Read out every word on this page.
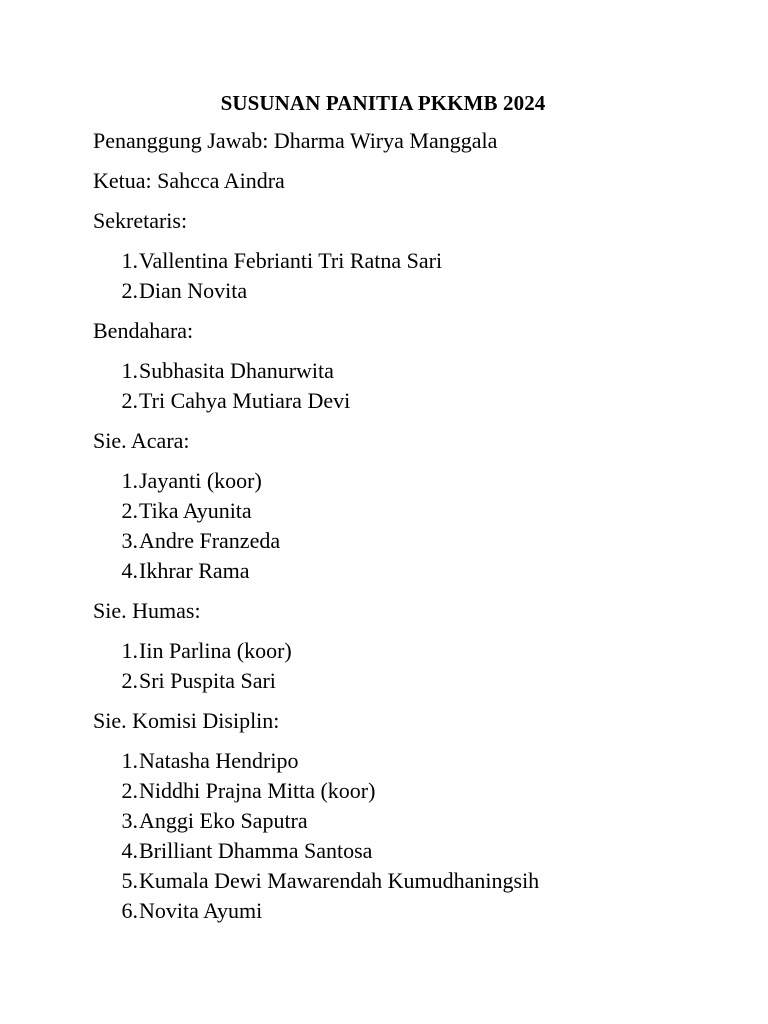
SUSUNAN PANITIA PKKMB 2024

Penanggung Jawab: Dharma Wirya Manggala

Ketua: Sahcca Aindra

Sekretaris:

1. Vallentina Febrianti Tri Ratna Sari
2. Dian Novita

Bendahara:

1. Subhasita Dhanurwita
2. Tri Cahya Mutiara Devi

Sie. Acara:

1. Jayanti (koor)
2. Tika Ayunita
3. Andre Franzeda
4. Ikhrar Rama

Sie. Humas:

1. Iin Parlina (koor)
2. Sri Puspita Sari

Sie. Komisi Disiplin:

1. Natasha Hendripo
2. Niddhi Prajna Mitta (koor)
3. Anggi Eko Saputra
4. Brilliant Dhamma Santosa
5. Kumala Dewi Mawarendah Kumudhaningsih
6. Novita Ayumi
